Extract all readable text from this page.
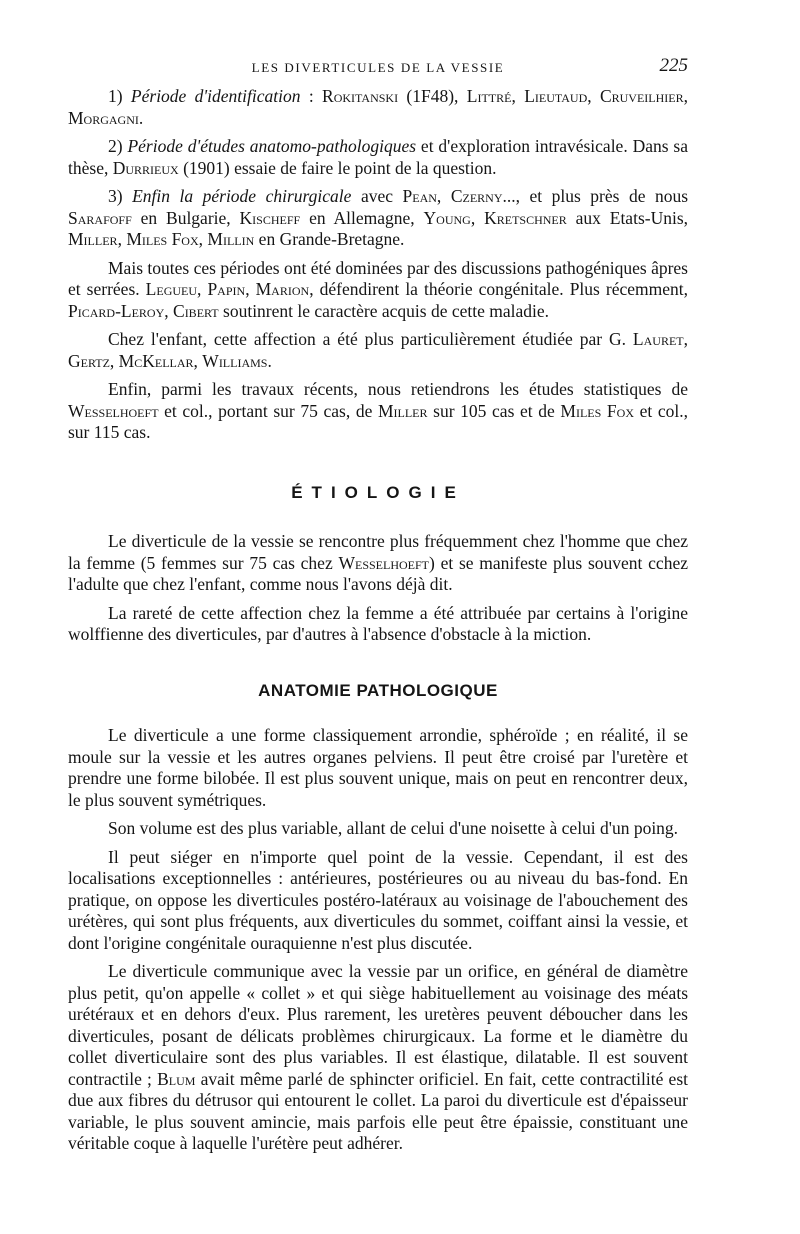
LES DIVERTICULES DE LA VESSIE	225

1) Période d'identification : Rokitanski (1F48), Littré, Lieutaud, Cruveilhier, Morgagni.

2) Période d'études anatomo-pathologiques et d'exploration intravésicale. Dans sa thèse, Durrieux (1901) essaie de faire le point de la question.

3) Enfin la période chirurgicale avec Pean, Czerny..., et plus près de nous Sarafoff en Bulgarie, Kischeff en Allemagne, Young, Kretschner aux Etats-Unis, Miller, Miles Fox, Millin en Grande-Bretagne.

Mais toutes ces périodes ont été dominées par des discussions pathogéniques âpres et serrées. Legueu, Papin, Marion, défendirent la théorie congénitale. Plus récemment, Picard-Leroy, Cibert soutinrent le caractère acquis de cette maladie.

Chez l'enfant, cette affection a été plus particulièrement étudiée par G. Lauret, Gertz, McKellar, Williams.

Enfin, parmi les travaux récents, nous retiendrons les études statistiques de Wesselhoeft et col., portant sur 75 cas, de Miller sur 105 cas et de Miles Fox et col., sur 115 cas.

ÉTIOLOGIE

Le diverticule de la vessie se rencontre plus fréquemment chez l'homme que chez la femme (5 femmes sur 75 cas chez Wesselhoeft) et se manifeste plus souvent cchez l'adulte que chez l'enfant, comme nous l'avons déjà dit.

La rareté de cette affection chez la femme a été attribuée par certains à l'origine wolffienne des diverticules, par d'autres à l'absence d'obstacle à la miction.

ANATOMIE PATHOLOGIQUE

Le diverticule a une forme classiquement arrondie, sphéroïde ; en réalité, il se moule sur la vessie et les autres organes pelviens. Il peut être croisé par l'uretère et prendre une forme bilobée. Il est plus souvent unique, mais on peut en rencontrer deux, le plus souvent symétriques.

Son volume est des plus variable, allant de celui d'une noisette à celui d'un poing.

Il peut siéger en n'importe quel point de la vessie. Cependant, il est des localisations exceptionnelles : antérieures, postérieures ou au niveau du bas-fond. En pratique, on oppose les diverticules postéro-latéraux au voisinage de l'abouchement des urétères, qui sont plus fréquents, aux diverticules du sommet, coiffant ainsi la vessie, et dont l'origine congénitale ouraquienne n'est plus discutée.

Le diverticule communique avec la vessie par un orifice, en général de diamètre plus petit, qu'on appelle « collet » et qui siège habituellement au voisinage des méats urétéraux et en dehors d'eux. Plus rarement, les uretères peuvent déboucher dans les diverticules, posant de délicats problèmes chirurgicaux. La forme et le diamètre du collet diverticulaire sont des plus variables. Il est élastique, dilatable. Il est souvent contractile ; Blum avait même parlé de sphincter orificiel. En fait, cette contractilité est due aux fibres du détrusor qui entourent le collet. La paroi du diverticule est d'épaisseur variable, le plus souvent amincie, mais parfois elle peut être épaissie, constituant une véritable coque à laquelle l'urétère peut adhérer.
